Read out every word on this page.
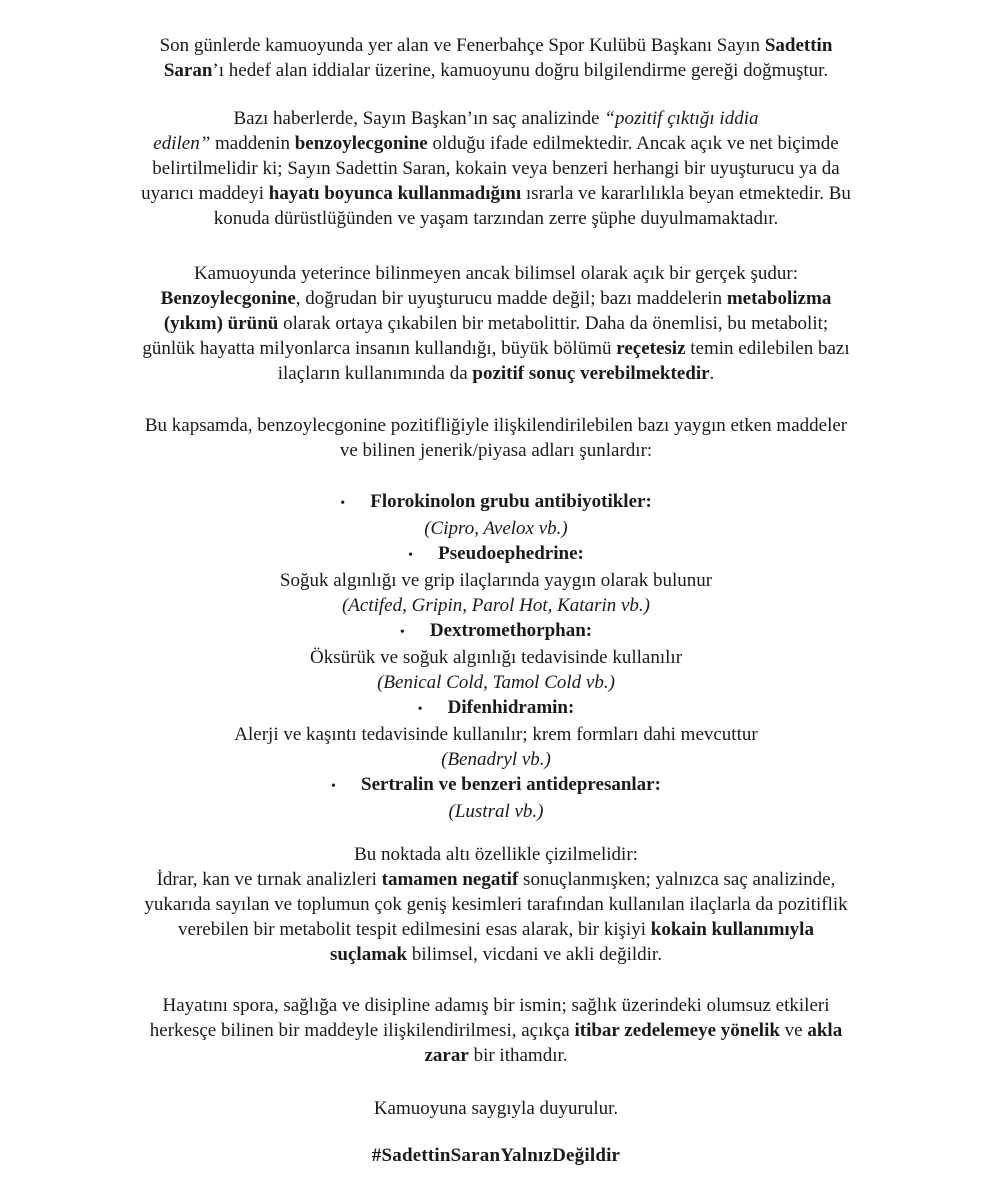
Son günlerde kamuoyunda yer alan ve Fenerbahçe Spor Kulübü Başkanı Sayın Sadettin
Saran’ı hedef alan iddialar üzerine, kamuoyunu doğru bilgilendirme gereği doğmuştur.
Bazı haberlerde, Sayın Başkan’ın saç analizinde “pozitif çıktığı iddia
edilen” maddenin benzoylecgonine olduğu ifade edilmektedir. Ancak açık ve net biçimde
belirtilmelidir ki; Sayın Sadettin Saran, kokain veya benzeri herhangi bir uyuşturucu ya da
uyarıcı maddeyi hayatı boyunca kullanmadığını ısrarla ve kararlılıkla beyan etmektedir. Bu
konuda dürüstlüğünden ve yaşam tarzından zerre şüphe duyulmamaktadır.
Kamuoyunda yeterince bilinmeyen ancak bilimsel olarak açık bir gerçek şudur:
Benzoylecgonine, doğrudan bir uyuşturucu madde değil; bazı maddelerin metabolizma
(yıkım) ürünü olarak ortaya çıkabilen bir metabolittir. Daha da önemlisi, bu metabolit;
günlük hayatta milyonlarca insanın kullandığı, büyük bölümü reçetesiz temin edilebilen bazı
ilaçların kullanımında da pozitif sonuç verebilmektedir.
Bu kapsamda, benzoylecgonine pozitifliğiyle ilişkilendirilebilen bazı yaygın etken maddeler
ve bilinen jenerik/piyasa adları şunlardır:
• Florokinolon grubu antibiyotikler:
(Cipro, Avelox vb.)
• Pseudoephedrine:
Soğuk algınlığı ve grip ilaçlarında yaygın olarak bulunur
(Actifed, Gripin, Parol Hot, Katarin vb.)
• Dextromethorphan:
Öksürük ve soğuk algınlığı tedavisinde kullanılır
(Benical Cold, Tamol Cold vb.)
• Difenhidramin:
Alerji ve kaşıntı tedavisinde kullanılır; krem formları dahi mevcuttur
(Benadryl vb.)
• Sertralin ve benzeri antidepresanlar:
(Lustral vb.)
Bu noktada altı özellikle çizilmelidir:
İdrar, kan ve tırnak analizleri tamamen negatif sonuçlanmışken; yalnızca saç analizinde,
yukarıda sayılan ve toplumun çok geniş kesimleri tarafından kullanılan ilaçlarla da pozitiflik
verebilen bir metabolit tespit edilmesini esas alarak, bir kişiyi kokain kullanımıyla
suçlamak bilimsel, vicdani ve akli değildir.
Hayatını spora, sağlığa ve disipline adamış bir ismin; sağlık üzerindeki olumsuz etkileri
herkesçe bilinen bir maddeyle ilişkilendirilmesi, açıkça itibar zedelemeye yönelik ve akla
zarar bir ithamdır.
Kamuoyuna saygıyla duyurulur.
#SadettinSaranYalnızDeğildir
